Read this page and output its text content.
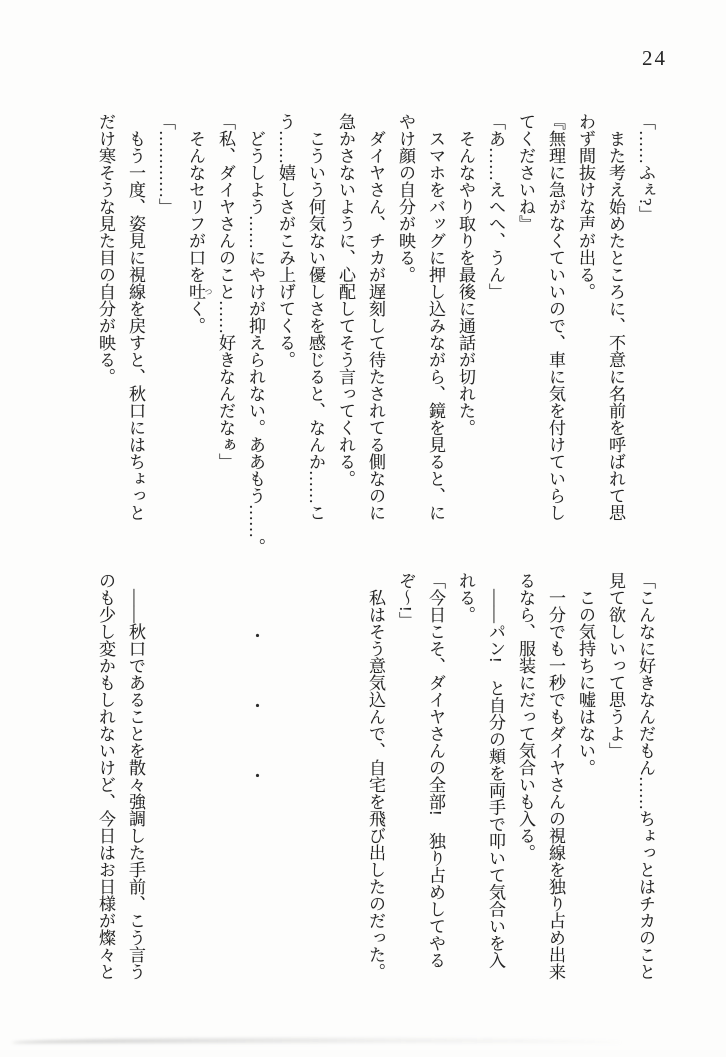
24
「……ふぇ?」
また考え始めたところに、不意に名前を呼ばれて思
わず間抜けな声が出る。
『無理に急がなくていいので、車に気を付けていらし
てくださいね』
「あ……えへへ、うん」
そんなやり取りを最後に通話が切れた。
スマホをバッグに押し込みながら、鏡を見ると、に
やけ顔の自分が映る。
ダイヤさん、チカが遅刻して待たされてる側なのに
急かさないように、心配してそう言ってくれる。
こういう何気ない優しさを感じると、なんか……こ
う……嬉しさがこみ上げてくる。
どうしよう……にやけが抑えられない。ああもう……。
「私、ダイヤさんのこと……好きなんだなぁ」
そんなセリフが口を吐 つく。
「…………」
もう一度、姿見に視線を戻すと、秋口にはちょっと
だけ寒そうな見た目の自分が映る。
「こんなに好きなんだもん……ちょっとはチカのこと
見て欲しいって思うよ」
この気持ちに嘘はない。
一分でも一秒でもダイヤさんの視線を独り占め出来
るなら、服装にだって気合いも入る。
――パン!　と自分の頬を両手で叩いて気合いを入
れる。
「今日こそ、ダイヤさんの全部!　独り占めしてやる
ぞ〜!」
私はそう意気込んで、自宅を飛び出したのだった。
・・・
――秋口であることを散々強調した手前、こう言う
のも少し変かもしれないけど、今日はお日様が燦々と
